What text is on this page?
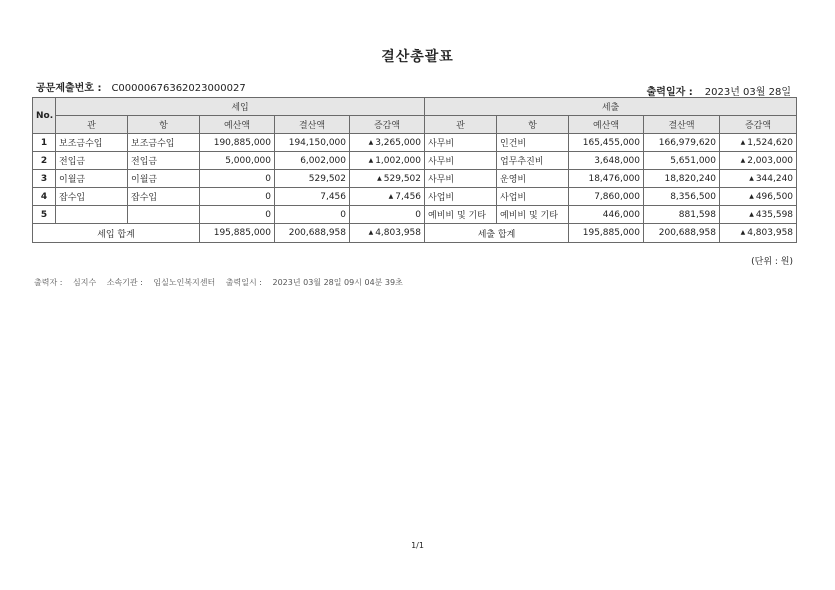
결산총괄표
공문제출번호 : C00000676362023000027	출력일자 : 2023년 03월 28일
No.	세입					세출				
	관	항	예산액	결산액	증감액	관	항	예산액	결산액	증감액
1	보조금수입	보조금수입	190,885,000	194,150,000	▲ 3,265,000	사무비	인건비	165,455,000	166,979,620	▲ 1,524,620
2	전입금	전입금	5,000,000	6,002,000	▲ 1,002,000	사무비	업무추진비	3,648,000	5,651,000	▲ 2,003,000
3	이월금	이월금	0	529,502	▲ 529,502	사무비	운영비	18,476,000	18,820,240	▲ 344,240
4	잡수입	잡수입	0	7,456	▲ 7,456	사업비	사업비	7,860,000	8,356,500	▲ 496,500
5			0	0	0	예비비 및 기타	예비비 및 기타	446,000	881,598	▲ 435,598
세입 합계			195,885,000	200,688,958	▲ 4,803,958	세출 합계		195,885,000	200,688,958	▲ 4,803,958
(단위 : 원)
출력자 : 심지수 소속기관 : 임실노인복지센터 출력일시 : 2023년 03월 28일 09시 04분 39초
1/1
